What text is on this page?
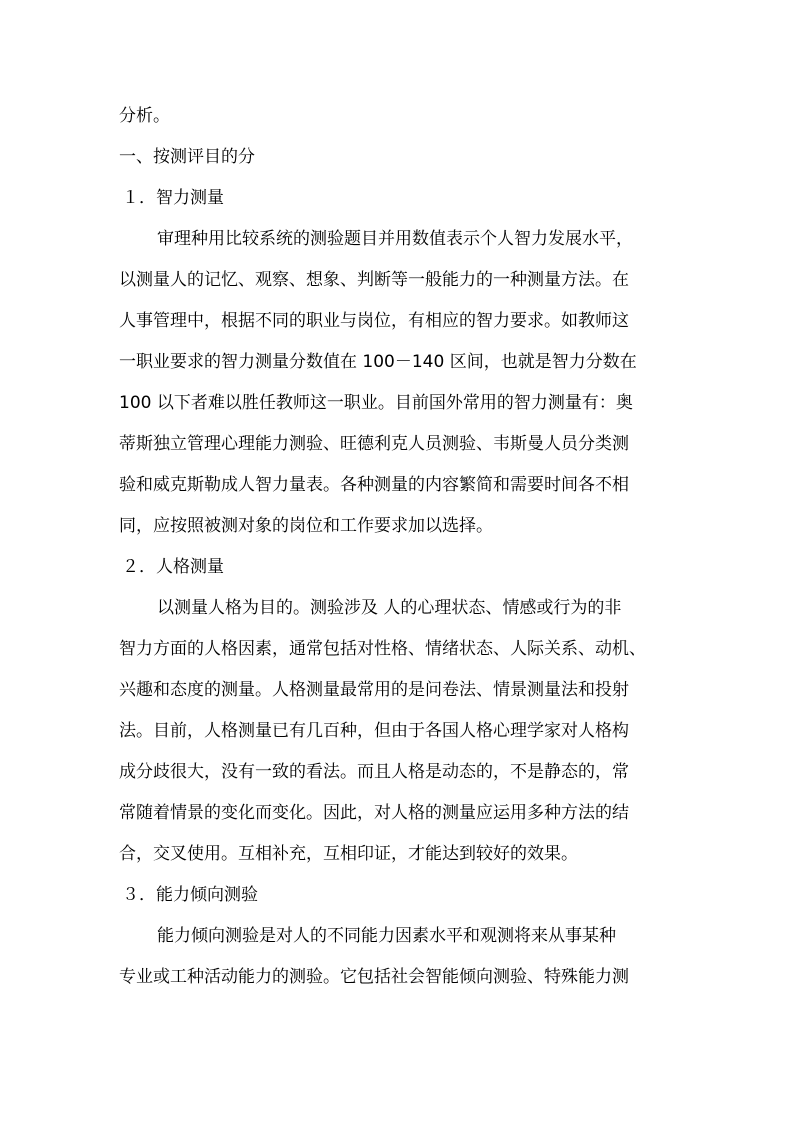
分析。
一、按测评目的分
１．智力测量
审理种用比较系统的测验题目并用数值表示个人智力发展水平，
以测量人的记忆、观察、想象、判断等一般能力的一种测量方法。在
人事管理中，根据不同的职业与岗位，有相应的智力要求。如教师这
一职业要求的智力测量分数值在 100－140 区间，也就是智力分数在
100 以下者难以胜任教师这一职业。目前国外常用的智力测量有：奥
蒂斯独立管理心理能力测验、旺德利克人员测验、韦斯曼人员分类测
验和威克斯勒成人智力量表。各种测量的内容繁简和需要时间各不相
同，应按照被测对象的岗位和工作要求加以选择。
２．人格测量
以测量人格为目的。测验涉及 人的心理状态、情感或行为的非
智力方面的人格因素，通常包括对性格、情绪状态、人际关系、动机、
兴趣和态度的测量。人格测量最常用的是问卷法、情景测量法和投射
法。目前，人格测量已有几百种，但由于各国人格心理学家对人格构
成分歧很大，没有一致的看法。而且人格是动态的，不是静态的，常
常随着情景的变化而变化。因此，对人格的测量应运用多种方法的结
合，交叉使用。互相补充，互相印证，才能达到较好的效果。
３．能力倾向测验
能力倾向测验是对人的不同能力因素水平和观测将来从事某种
专业或工种活动能力的测验。它包括社会智能倾向测验、特殊能力测
